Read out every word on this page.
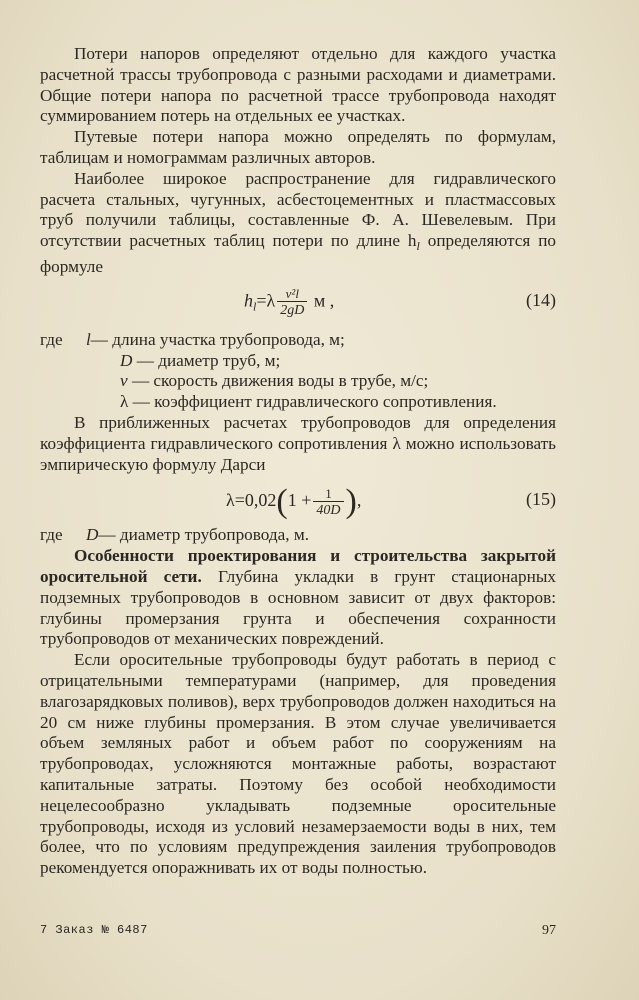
Потери напоров определяют отдельно для каждого участка расчетной трассы трубопровода с разными расходами и диаметрами. Общие потери напора по расчетной трассе трубопровода находят суммированием потерь на отдельных ее участках.

Путевые потери напора можно определять по формулам, таблицам и номограммам различных авторов.

Наиболее широкое распространение для гидравлического расчета стальных, чугунных, асбестоцементных и пластмассовых труб получили таблицы, составленные Ф. А. Шевелевым. При отсутствии расчетных таблиц потери по длине $h_l$ определяются по формуле

$h_l=\lambda \frac{\text{v²l}}{2gD}$ м ,	(14)
где	l — длина участка трубопровода, м;
D — диаметр труб, м;
v — скорость движения воды в трубе, м/с;
λ — коэффициент гидравлического сопротивления.

В приближенных расчетах трубопроводов для определения коэффициента гидравлического сопротивления λ можно использовать эмпирическую формулу Дарси

$\lambda=0,02(1 + \frac{1}{40D}$ ),	(15)
где	D — диаметр трубопровода, м.

Особенности проектирования и строительства закрытой оросительной сети. Глубина укладки в грунт стационарных подземных трубопроводов в основном зависит от двух факторов: глубины промерзания грунта и обеспечения сохранности трубопроводов от механических повреждений.

Если оросительные трубопроводы будут работать в период с отрицательными температурами (например, для проведения влагозарядковых поливов), верх трубопроводов должен находиться на 20 см ниже глубины промерзания. В этом случае увеличивается объем земляных работ и объем работ по сооружениям на трубопроводах, усложняются монтажные работы, возрастают капитальные затраты. Поэтому без особой необходимости нецелесообразно укладывать подземные оросительные трубопроводы, исходя из условий незамерзаемости воды в них, тем более, что по условиям предупреждения заиления трубопроводов рекомендуется опоражнивать их от воды полностью.

7 Заказ № 6487	97
